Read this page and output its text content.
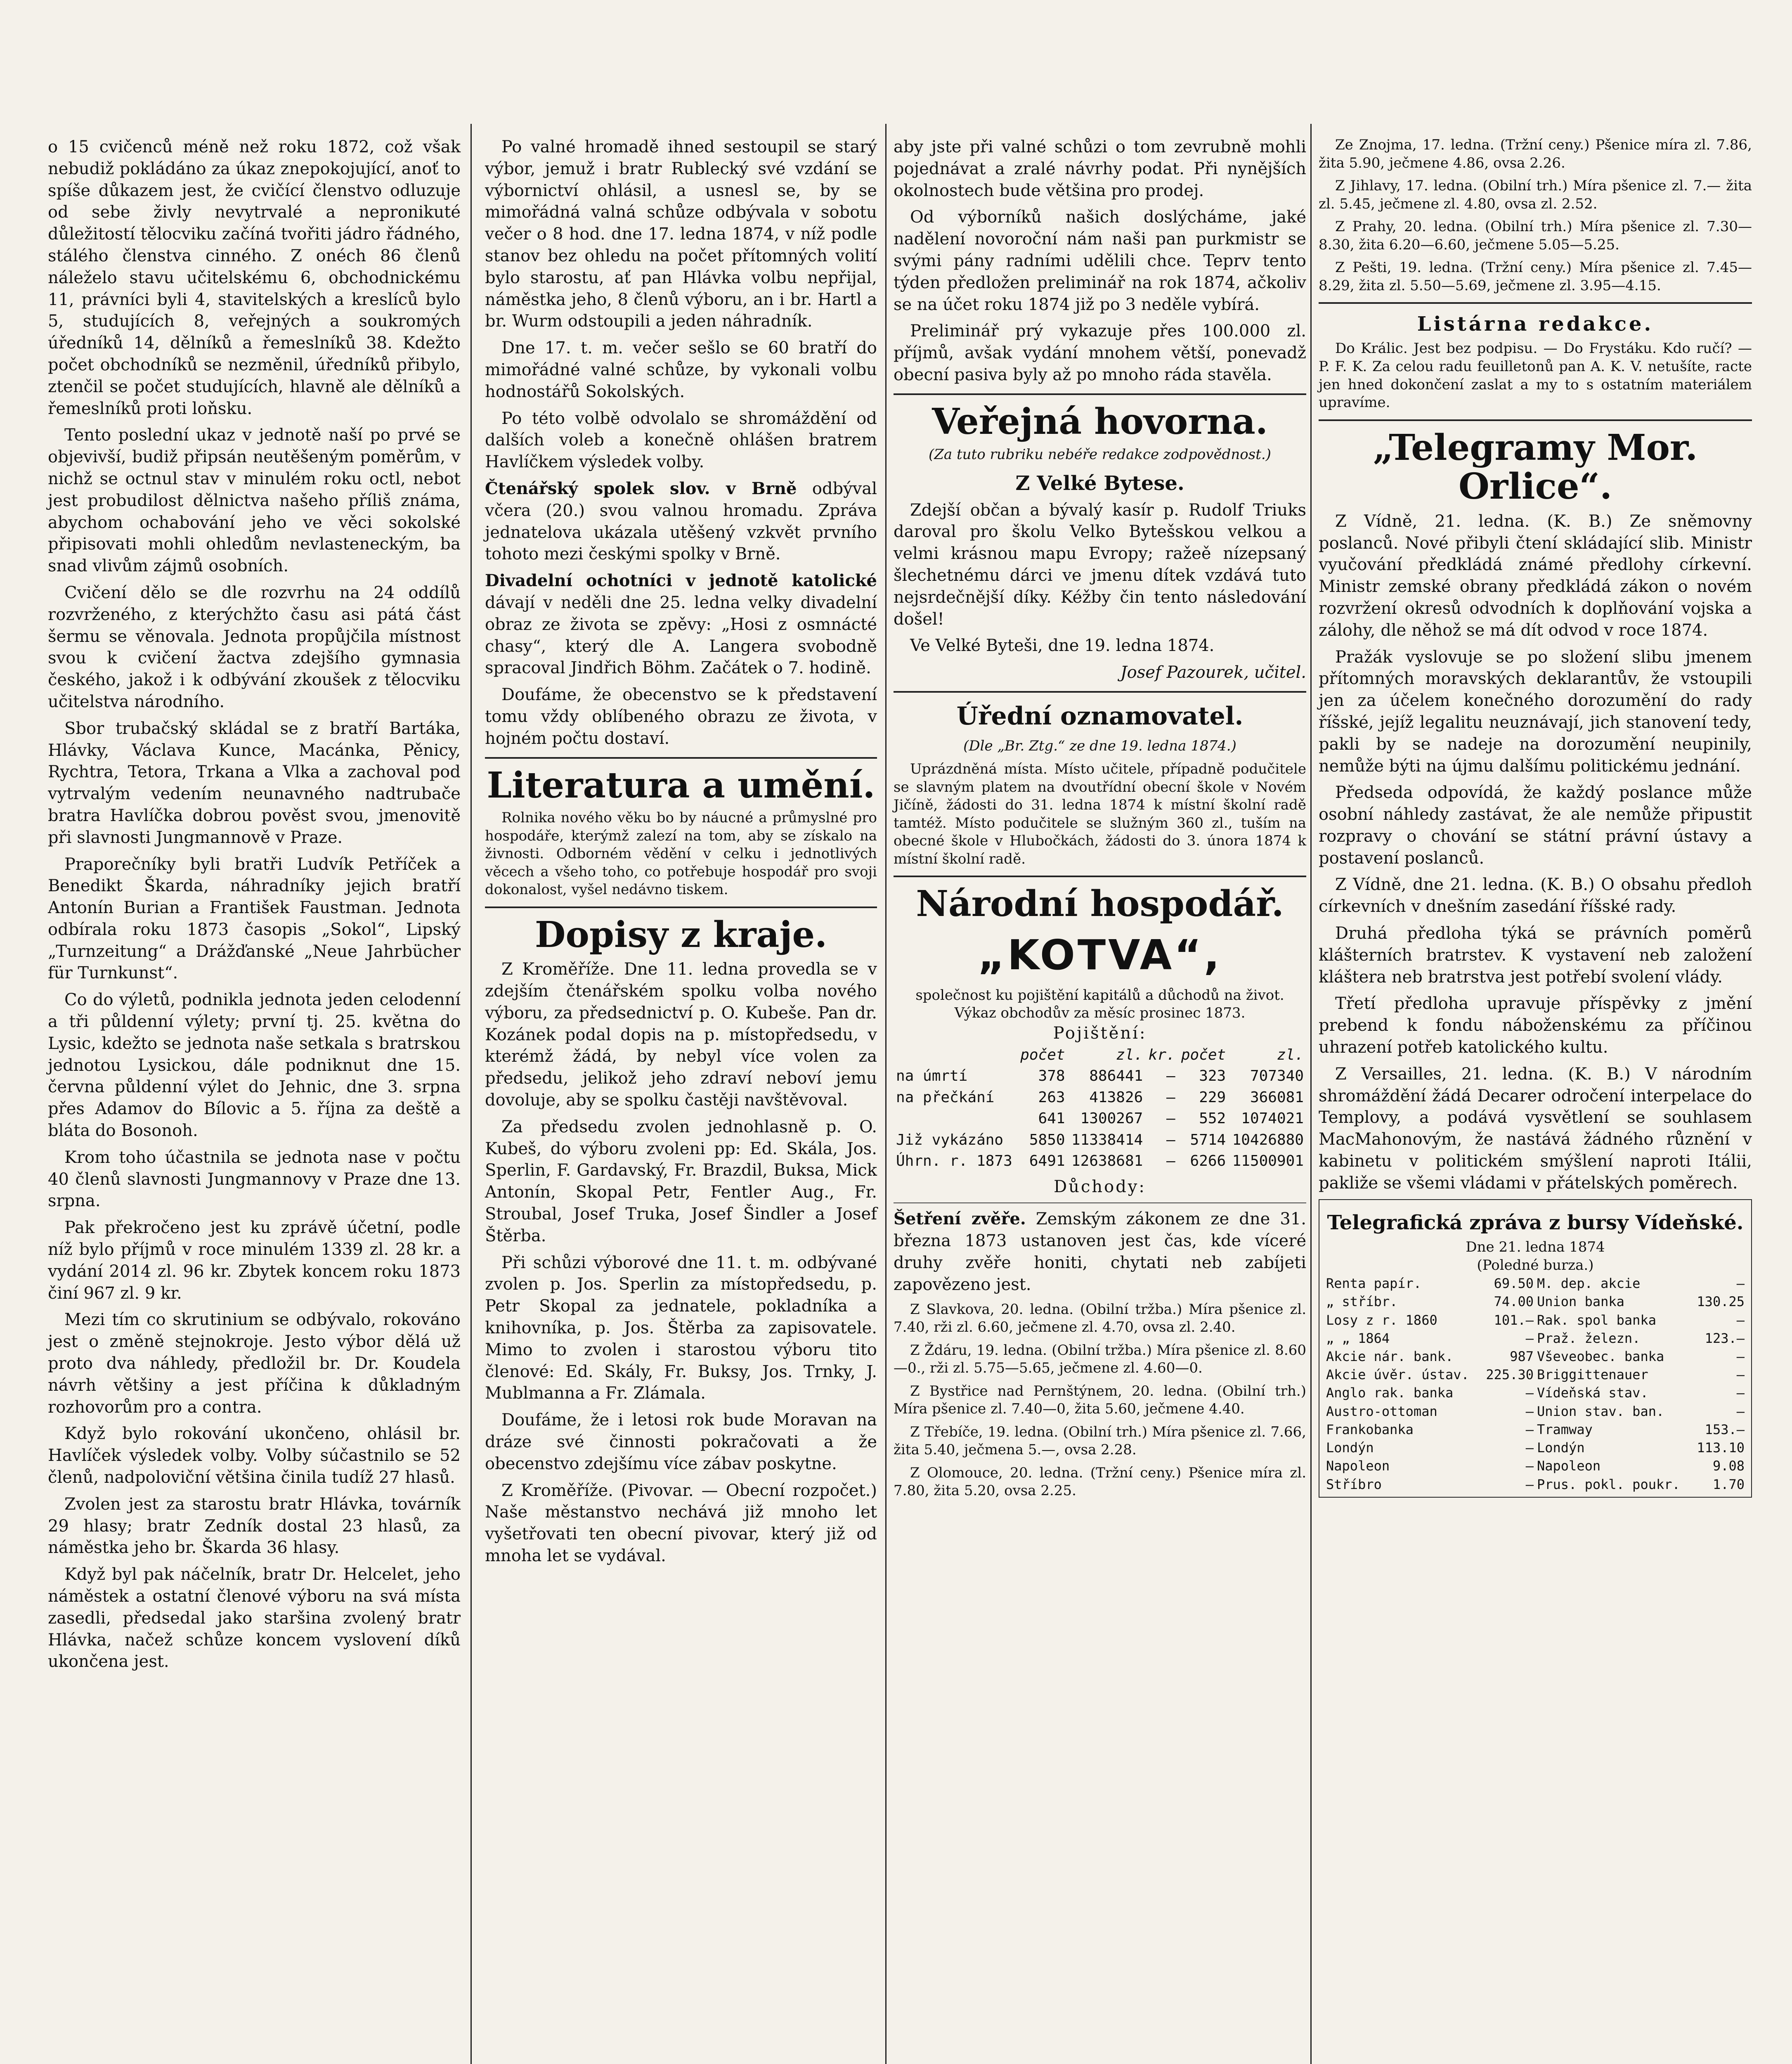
o 15 cvičenců méně než roku 1872, což však nebudiž pokládáno za úkaz znepokojující, anoť to spíše důkazem jest, že cvičící členstvo odluzuje od sebe živly nevytrvalé a nepronikuté důležitostí tělocviku začíná tvořiti jádro řádného, stálého členstva cinného. Z onéch 86 členů náleželo stavu učitelskému 6, obchodnickému 11, právníci byli 4, stavitelských a kreslíců bylo 5, studujících 8, veřejných a soukromých úředníků 14, dělníků a řemeslníků 38. Kdežto počet obchodníků se nezměnil, úředníků přibylo, ztenčil se počet studujících, hlavně ale dělníků a řemeslníků proti loňsku.

Tento poslední ukaz v jednotě naší po prvé se objevivší, budiž připsán neutěšeným poměrům, v nichž se octnul stav v minulém roku octl, nebot jest probudilost dělnictva našeho příliš známa, abychom ochabování jeho ve věci sokolské připisovati mohli ohledům nevlasteneckým, ba snad vlivům zájmů osobních.

Cvičení dělo se dle rozvrhu na 24 oddílů rozvrženého, z kterýchžto času asi pátá část šermu se věnovala. Jednota propůjčila místnost svou k cvičení žactva zdejšího gymnasia českého, jakož i k odbývání zkoušek z tělocviku učitelstva národního.

Sbor trubačský skládal se z bratří Bartáka, Hlávky, Václava Kunce, Macánka, Pěnicy, Rychtra, Tetora, Trkana a Vlka a zachoval pod vytrvalým vedením neunavného nadtrubače bratra Havlíčka dobrou pověst svou, jmenovitě při slavnosti Jungmannově v Praze.

Praporečníky byli bratři Ludvík Petříček a Benedikt Škarda, náhradníky jejich bratří Antonín Burian a František Faustman. Jednota odbírala roku 1873 časopis „Sokol“, Lipský „Turnzeitung“ a Drážďanské „Neue Jahrbücher für Turnkunst“.

Co do výletů, podnikla jednota jeden celodenní a tři půldenní výlety; první tj. 25. května do Lysic, kdežto se jednota naše setkala s bratrskou jednotou Lysickou, dále podniknut dne 15. června půldenní výlet do Jehnic, dne 3. srpna přes Adamov do Bílovic a 5. října za deště a bláta do Bosonoh.

Krom toho účastnila se jednota nase v počtu 40 členů slavnosti Jungmannovy v Praze dne 13. srpna.

Pak překročeno jest ku zprávě účetní, podle níž bylo příjmů v roce minulém 1339 zl. 28 kr. a vydání 2014 zl. 96 kr. Zbytek koncem roku 1873 činí 967 zl. 9 kr.

Mezi tím co skrutinium se odbývalo, rokováno jest o změně stejnokroje. Jesto výbor dělá už proto dva náhledy, předložil br. Dr. Koudela návrh většiny a jest příčina k důkladným rozhovorům pro a contra.

Když bylo rokování ukončeno, ohlásil br. Havlíček výsledek volby. Volby súčastnilo se 52 členů, nadpoloviční většina činila tudíž 27 hlasů.

Zvolen jest za starostu bratr Hlávka, továrník 29 hlasy; bratr Zedník dostal 23 hlasů, za náměstka jeho br. Škarda 36 hlasy.

Když byl pak náčelník, bratr Dr. Helcelet, jeho náměstek a ostatní členové výboru na svá místa zasedli, předsedal jako staršina zvolený bratr Hlávka, načež schůze koncem vyslovení díků ukončena jest.

Po valné hromadě ihned sestoupil se starý výbor, jemuž i bratr Rublecký své vzdání se výbornictví ohlásil, a usnesl se, by se mimořádná valná schůze odbývala v sobotu večer o 8 hod. dne 17. ledna 1874, v níž podle stanov bez ohledu na počet přítomných volití bylo starostu, ať pan Hlávka volbu nepřijal, náměstka jeho, 8 členů výboru, an i br. Hartl a br. Wurm odstoupili a jeden náhradník.

Dne 17. t. m. večer sešlo se 60 bratří do mimořádné valné schůze, by vykonali volbu hodnostářů Sokolských.

Po této volbě odvolalo se shromáždění od dalších voleb a konečně ohlášen bratrem Havlíčkem výsledek volby.

Čtenářský spolek slov. v Brně odbýval včera (20.) svou valnou hromadu. Zpráva jednatelova ukázala utěšený vzkvět prvního tohoto mezi českými spolky v Brně.

Divadelní ochotníci v jednotě katolické dávají v neděli dne 25. ledna velky divadelní obraz ze života se zpěvy: „Hosi z osmnácté chasy“, který dle A. Langera svobodně spracoval Jindřich Böhm. Začátek o 7. hodině.

Doufáme, že obecenstvo se k představení tomu vždy oblíbeného obrazu ze života, v hojném počtu dostaví.

Literatura a umění.

Rolnika nového věku bo by náucné a průmyslné pro hospodáře, kterýmž zalezí na tom, aby se získalo na živnosti. Odborném vědění v celku i jednotlivých věcech a všeho toho, co potřebuje hospodář pro svoji dokonalost, vyšel nedávno tiskem.

Dopisy z kraje.

Z Kroměříže. Dne 11. ledna provedla se v zdejším čtenářském spolku volba nového výboru, za předsednictví p. O. Kubeše. Pan dr. Kozánek podal dopis na p. místopředsedu, v kterémž žádá, by nebyl více volen za předsedu, jelikož jeho zdraví neboví jemu dovoluje, aby se spolku častěji navštěvoval.

Za předsedu zvolen jednohlasně p. O. Kubeš, do výboru zvoleni pp: Ed. Skála, Jos. Sperlin, F. Gardavský, Fr. Brazdil, Buksa, Mick Antonín, Skopal Petr, Fentler Aug., Fr. Stroubal, Josef Truka, Josef Šindler a Josef Štěrba.

Při schůzi výborové dne 11. t. m. odbývané zvolen p. Jos. Sperlin za místopředsedu, p. Petr Skopal za jednatele, pokladníka a knihovníka, p. Jos. Štěrba za zapisovatele. Mimo to zvolen i starostou výboru tito členové: Ed. Skály, Fr. Buksy, Jos. Trnky, J. Mublmanna a Fr. Zlámala.

Doufáme, že i letosi rok bude Moravan na dráze své činnosti pokračovati a že obecenstvo zdejšímu více zábav poskytne.

Z Kroměříže. (Pivovar. — Obecní rozpočet.) Naše městanstvo nechává již mnoho let vyšetřovati ten obecní pivovar, který již od mnoha let se vydával.

aby jste při valné schůzi o tom zevrubně mohli pojednávat a zralé návrhy podat. Při nynějších okolnostech bude většina pro prodej.

Od výborníků našich doslýcháme, jaké nadělení novoroční nám naši pan purkmistr se svými pány radními udělili chce. Teprv tento týden předložen preliminář na rok 1874, ačkoliv se na účet roku 1874 již po 3 neděle vybírá.

Preliminář prý vykazuje přes 100.000 zl. příjmů, avšak vydání mnohem větší, ponevadž obecní pasiva byly až po mnoho ráda stavěla.

Veřejná hovorna.
(Za tuto rubriku nebéře redakce zodpovědnost.)
Z Velké Bytese.

Zdejší občan a bývalý kasír p. Rudolf Triuks daroval pro školu Velko Bytešskou velkou a velmi krásnou mapu Evropy; ražeě nízepsaný šlechetnému dárci ve jmenu dítek vzdává tuto nejsrdečnější díky. Kéžby čin tento následování došel!

Ve Velké Byteši, dne 19. ledna 1874.

Josef Pazourek, učitel.

Úřední oznamovatel.
(Dle „Br. Ztg.“ ze dne 19. ledna 1874.)

Uprázdněná místa. Místo učitele, případně podučitele se slavným platem na dvoutřídní obecní škole v Novém Jičíně, žádosti do 31. ledna 1874 k místní školní radě tamtéž. Místo podučitele se služným 360 zl., tuším na obecné škole v Hlubočkách, žádosti do 3. února 1874 k místní školní radě.

Národní hospodář.
„KOTVA“,
společnost ku pojištění kapitálů a důchodů na život.
Výkaz obchodův za měsíc prosinec 1873.
Pojištění:
	počet	zl.	kr.	počet	zl.
na úmrtí	378	886441	—	323	707340
na přečkání	263	413826	—	229	366081
	641	1300267	—	552	1074021
Již vykázáno	5850	11338414	—	5714	10426880
Úhrn. r. 1873	6491	12638681	—	6266	11500901
Důchody:

Šetření zvěře. Zemským zákonem ze dne 31. března 1873 ustanoven jest čas, kde víceré druhy zvěře honiti, chytati neb zabíjeti zapovězeno jest.

Z Slavkova, 20. ledna. (Obilní tržba.) Míra pšenice zl. 7.40, rži zl. 6.60, ječmene zl. 4.70, ovsa zl. 2.40.

Z Ždáru, 19. ledna. (Obilní tržba.) Míra pšenice zl. 8.60—0., rži zl. 5.75—5.65, ječmene zl. 4.60—0.

Z Bystřice nad Pernštýnem, 20. ledna. (Obilní trh.) Míra pšenice zl. 7.40—0, žita 5.60, ječmene 4.40.

Z Třebíče, 19. ledna. (Obilní trh.) Míra pšenice zl. 7.66, žita 5.40, ječmena 5.—, ovsa 2.28.

Z Olomouce, 20. ledna. (Tržní ceny.) Pšenice míra zl. 7.80, žita 5.20, ovsa 2.25.

Ze Znojma, 17. ledna. (Tržní ceny.) Pšenice míra zl. 7.86, žita 5.90, ječmene 4.86, ovsa 2.26.

Z Jihlavy, 17. ledna. (Obilní trh.) Míra pšenice zl. 7.— žita zl. 5.45, ječmene zl. 4.80, ovsa zl. 2.52.

Z Prahy, 20. ledna. (Obilní trh.) Míra pšenice zl. 7.30—8.30, žita 6.20—6.60, ječmene 5.05—5.25.

Z Pešti, 19. ledna. (Tržní ceny.) Míra pšenice zl. 7.45—8.29, žita zl. 5.50—5.69, ječmene zl. 3.95—4.15.

Listárna redakce.

Do Králic. Jest bez podpisu. — Do Frystáku. Kdo ručí? — P. F. K. Za celou radu feuilletonů pan A. K. V. netušíte, racte jen hned dokončení zaslat a my to s ostatním materiálem upravíme.

„Telegramy Mor. Orlice“.

Z Vídně, 21. ledna. (K. B.) Ze sněmovny poslanců. Nové přibyli čtení skládající slib. Ministr vyučování předkládá známé předlohy církevní. Ministr zemské obrany předkládá zákon o novém rozvržení okresů odvodních k doplňování vojska a zálohy, dle něhož se má dít odvod v roce 1874.

Pražák vyslovuje se po složení slibu jmenem přítomných moravských deklarantův, že vstoupili jen za účelem konečného dorozumění do rady říšské, jejíž legalitu neuznávají, jich stanovení tedy, pakli by se nadeje na dorozumění neupinily, nemůže býti na újmu dalšímu politickému jednání.

Předseda odpovídá, že každý poslance může osobní náhledy zastávat, že ale nemůže připustit rozpravy o chování se státní právní ústavy a postavení poslanců.

Z Vídně, dne 21. ledna. (K. B.) O obsahu předloh církevních v dnešním zasedání říšské rady.

Druhá předloha týká se právních poměrů klášterních bratrstev. K vystavení neb založení kláštera neb bratrstva jest potřebí svolení vlády.

Třetí předloha upravuje příspěvky z jmění prebend k fondu náboženskému za příčinou uhrazení potřeb katolického kultu.

Z Versailles, 21. ledna. (K. B.) V národním shromáždění žádá Decarer odročení interpelace do Templovy, a podává vysvětlení se souhlasem MacMahonovým, že nastává žádného různění v kabinetu v politickém smýšlení naproti Itálii, pakliže se všemi vládami v přátelských poměrech.

Telegrafická zpráva z bursy Vídeňské.
Dne 21. ledna 1874
(Poledné burza.)
Renta papír.	69.50	M. dep. akcie	—
„ stříbr.	74.00	Union banka	130.25
Losy z r. 1860	101.—	Rak. spol banka	—
„ „ 1864	—	Praž. železn.	123.—
Akcie nár. bank.	987	Vševeobec. banka	—
Akcie úvěr. ústav.	225.30	Briggittenauer	—
Anglo rak. banka	—	Vídeňská stav.	—
Austro-ottoman	—	Union stav. ban.	—
Frankobanka	—	Tramway	153.—
Londýn	—	Londýn	113.10
Napoleon	—	Napoleon	9.08
Stříbro	—	Prus. pokl. poukr.	1.70
